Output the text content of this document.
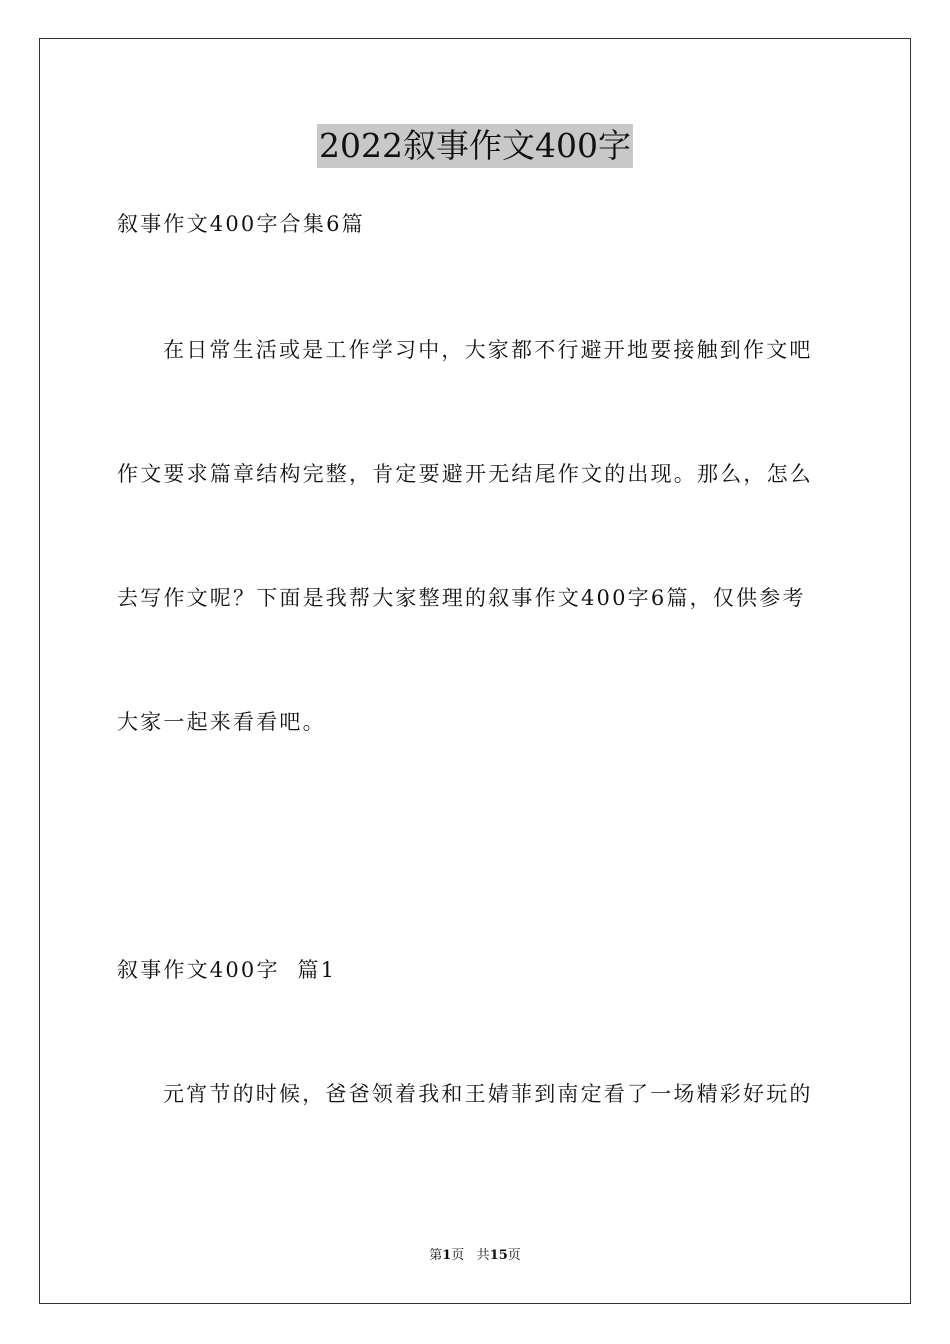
2022叙事作文400字
叙事作文400字合集6篇
在日常生活或是工作学习中，大家都不行避开地要接触到作文吧
作文要求篇章结构完整，肯定要避开无结尾作文的出现。那么，怎么
去写作文呢？下面是我帮大家整理的叙事作文400字6篇，仅供参考
大家一起来看看吧。
叙事作文400字  篇1
元宵节的时候，爸爸领着我和王婧菲到南定看了一场精彩好玩的
第1页 共15页
